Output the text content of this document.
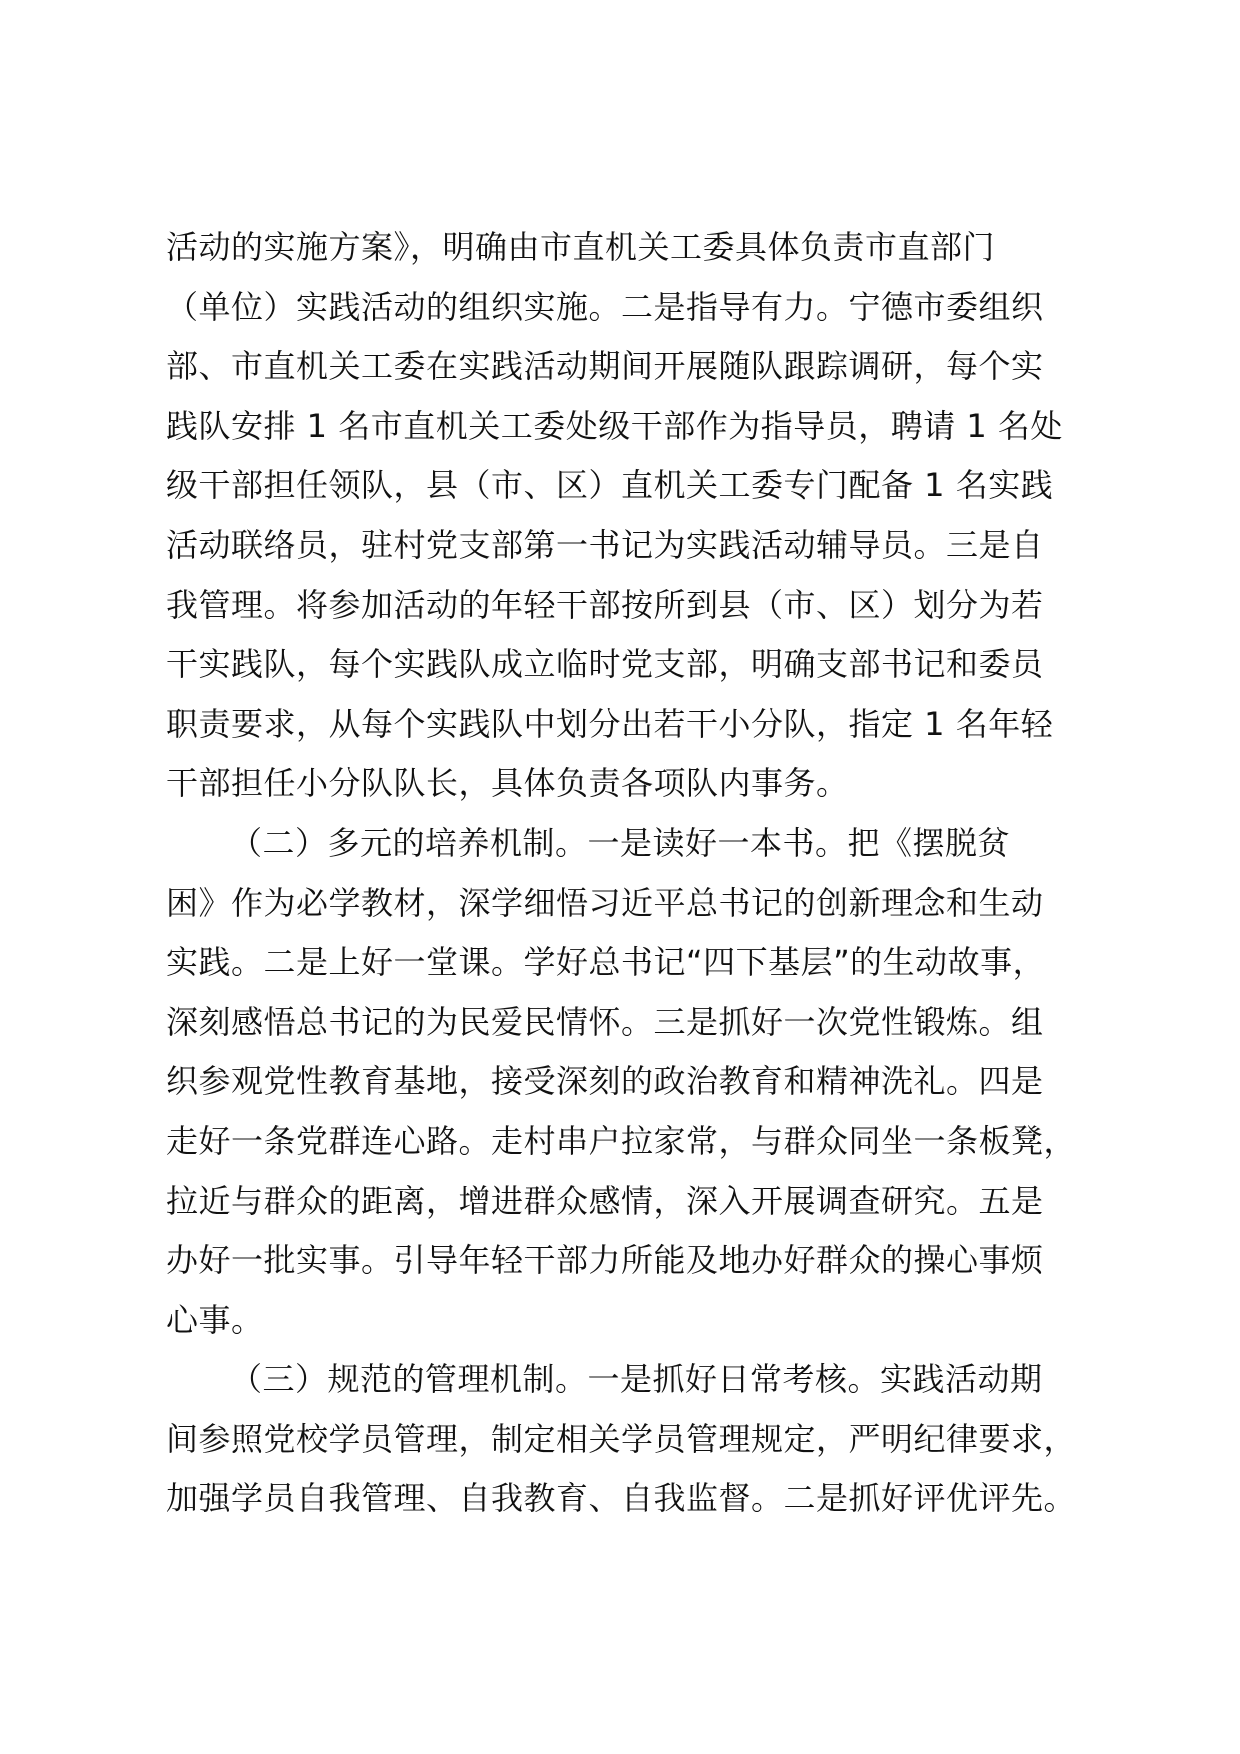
活动的实施方案》，明确由市直机关工委具体负责市直部门
（单位）实践活动的组织实施。二是指导有力。宁德市委组织
部、市直机关工委在实践活动期间开展随队跟踪调研，每个实
践队安排 1 名市直机关工委处级干部作为指导员，聘请 1 名处
级干部担任领队，县（市、区）直机关工委专门配备 1 名实践
活动联络员，驻村党支部第一书记为实践活动辅导员。三是自
我管理。将参加活动的年轻干部按所到县（市、区）划分为若
干实践队，每个实践队成立临时党支部，明确支部书记和委员
职责要求，从每个实践队中划分出若干小分队，指定 1 名年轻
干部担任小分队队长，具体负责各项队内事务。
（二）多元的培养机制。一是读好一本书。把《摆脱贫
困》作为必学教材，深学细悟习近平总书记的创新理念和生动
实践。二是上好一堂课。学好总书记“四下基层”的生动故事，
深刻感悟总书记的为民爱民情怀。三是抓好一次党性锻炼。组
织参观党性教育基地，接受深刻的政治教育和精神洗礼。四是
走好一条党群连心路。走村串户拉家常，与群众同坐一条板凳，
拉近与群众的距离，增进群众感情，深入开展调查研究。五是
办好一批实事。引导年轻干部力所能及地办好群众的操心事烦
心事。
（三）规范的管理机制。一是抓好日常考核。实践活动期
间参照党校学员管理，制定相关学员管理规定，严明纪律要求，
加强学员自我管理、自我教育、自我监督。二是抓好评优评先。
